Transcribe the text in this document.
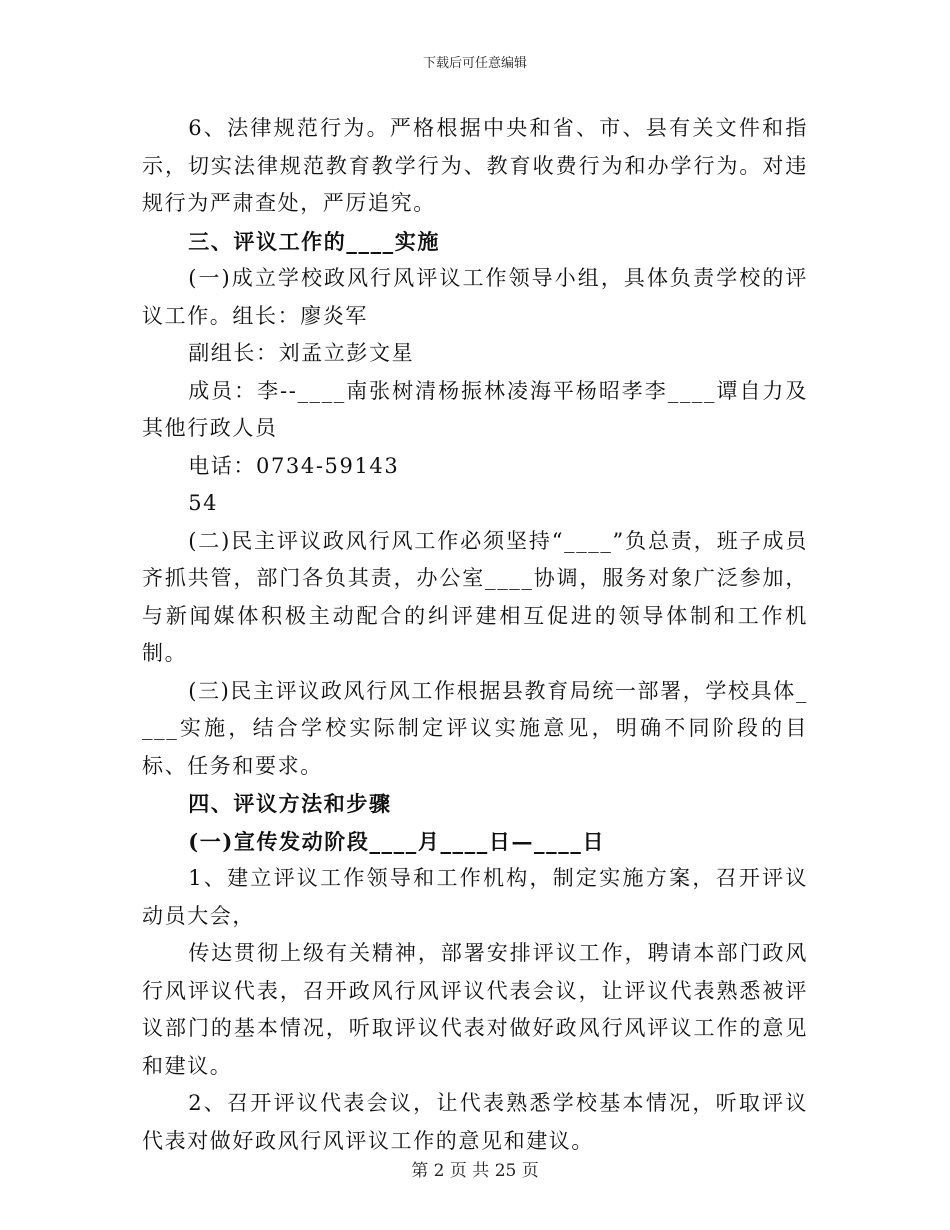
下载后可任意编辑

6、法律规范行为。严格根据中央和省、市、县有关文件和指示，切实法律规范教育教学行为、教育收费行为和办学行为。对违规行为严肃查处，严厉追究。

三、评议工作的____实施

(一)成立学校政风行风评议工作领导小组，具体负责学校的评议工作。组长：廖炎军

副组长：刘孟立彭文星

成员：李--____南张树清杨振林凌海平杨昭孝李____谭自力及其他行政人员

电话：0734-59143

54

(二)民主评议政风行风工作必须坚持“____”负总责，班子成员齐抓共管，部门各负其责，办公室____协调，服务对象广泛参加，与新闻媒体积极主动配合的纠评建相互促进的领导体制和工作机制。

(三)民主评议政风行风工作根据县教育局统一部署，学校具体____实施，结合学校实际制定评议实施意见，明确不同阶段的目标、任务和要求。

四、评议方法和步骤

(一)宣传发动阶段____月____日—____日

1、建立评议工作领导和工作机构，制定实施方案，召开评议动员大会，

传达贯彻上级有关精神，部署安排评议工作，聘请本部门政风行风评议代表，召开政风行风评议代表会议，让评议代表熟悉被评议部门的基本情况，听取评议代表对做好政风行风评议工作的意见和建议。

2、召开评议代表会议，让代表熟悉学校基本情况，听取评议代表对做好政风行风评议工作的意见和建议。

第 2 页 共 25 页
